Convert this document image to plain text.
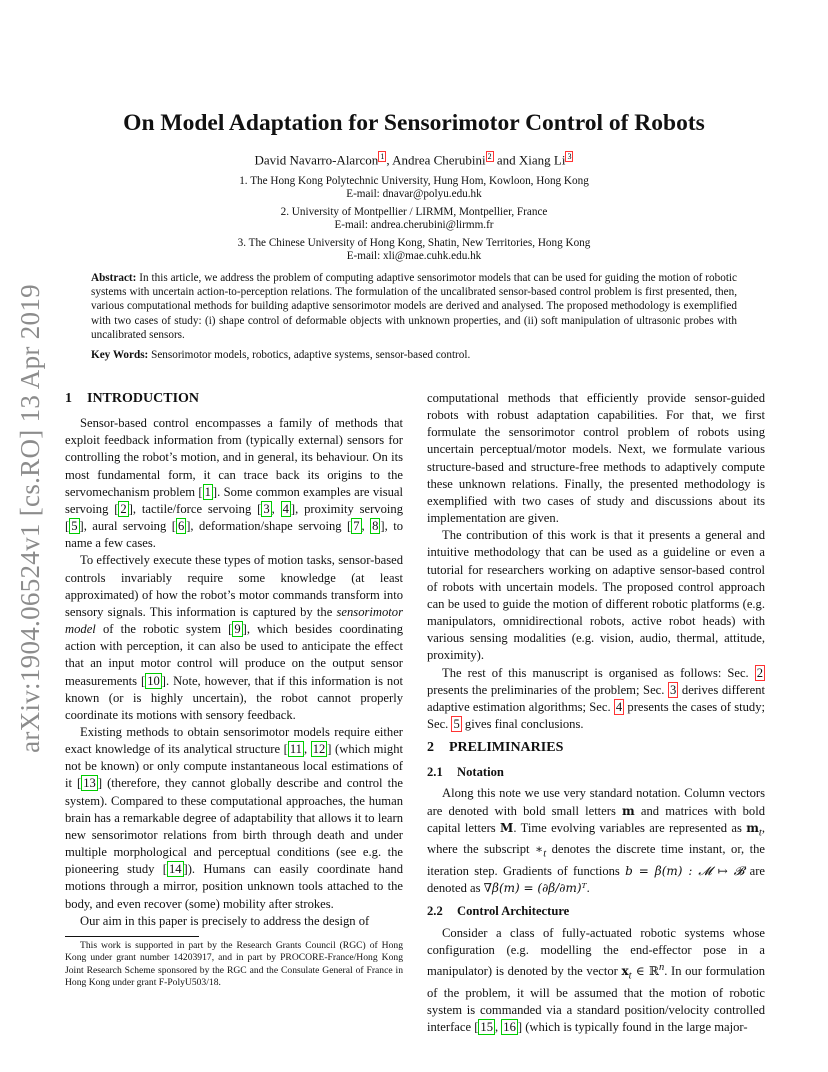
arXiv:1904.06524v1 [cs.RO] 13 Apr 2019
On Model Adaptation for Sensorimotor Control of Robots
David Navarro-Alarcon $^1$ , Andrea Cherubini $^2$ and Xiang Li $^3$
1. The Hong Kong Polytechnic University, Hung Hom, Kowloon, Hong Kong
E-mail: dnavar@polyu.edu.hk
2. University of Montpellier / LIRMM, Montpellier, France
E-mail: andrea.cherubini@lirmm.fr
3. The Chinese University of Hong Kong, Shatin, New Territories, Hong Kong
E-mail: xli@mae.cuhk.edu.hk

Abstract: In this article, we address the problem of computing adaptive sensorimotor models that can be used for guiding the motion of robotic systems with uncertain action-to-perception relations. The formulation of the uncalibrated sensor-based control problem is first presented, then, various computational methods for building adaptive sensorimotor models are derived and analysed. The proposed methodology is exemplified with two cases of study: (i) shape control of deformable objects with unknown properties, and (ii) soft manipulation of ultrasonic probes with uncalibrated sensors.

Key Words: Sensorimotor models, robotics, adaptive systems, sensor-based control.

1 INTRODUCTION

Sensor-based control encompasses a family of methods that exploit feedback information from (typically external) sensors for controlling the robot’s motion, and in general, its behaviour. On its most fundamental form, it can trace back its origins to the servomechanism problem [ 1 ]. Some common examples are visual servoing [ 2 ], tactile/force servoing [ 3 , 4 ], proximity servoing [ 5 ], aural servoing [ 6 ], deformation/shape servoing [ 7 , 8 ], to name a few cases.

To effectively execute these types of motion tasks, sensor-based controls invariably require some knowledge (at least approximated) of how the robot’s motor commands transform into sensory signals. This information is captured by the sensorimotor model of the robotic system [ 9 ], which besides coordinating action with perception, it can also be used to anticipate the effect that an input motor control will produce on the output sensor measurements [ 10 ]. Note, however, that if this information is not known (or is highly uncertain), the robot cannot properly coordinate its motions with sensory feedback.

Existing methods to obtain sensorimotor models require either exact knowledge of its analytical structure [ 11 , 12 ] (which might not be known) or only compute instantaneous local estimations of it [ 13 ] (therefore, they cannot globally describe and control the system). Compared to these computational approaches, the human brain has a remarkable degree of adaptability that allows it to learn new sensorimotor relations from birth through death and under multiple morphological and perceptual conditions (see e.g. the pioneering study [ 14 ]). Humans can easily coordinate hand motions through a mirror, position unknown tools attached to the body, and even recover (some) mobility after strokes.

Our aim in this paper is precisely to address the design of

computational methods that efficiently provide sensor-guided robots with robust adaptation capabilities. For that, we first formulate the sensorimotor control problem of robots using uncertain perceptual/motor models. Next, we formulate various structure-based and structure-free methods to adaptively compute these unknown relations. Finally, the presented methodology is exemplified with two cases of study and discussions about its implementation are given.

The contribution of this work is that it presents a general and intuitive methodology that can be used as a guideline or even a tutorial for researchers working on adaptive sensor-based control of robots with uncertain models. The proposed control approach can be used to guide the motion of different robotic platforms (e.g. manipulators, omnidirectional robots, active robot heads) with various sensing modalities (e.g. vision, audio, thermal, attitude, proximity).

The rest of this manuscript is organised as follows: Sec. 2 presents the preliminaries of the problem; Sec. 3 derives different adaptive estimation algorithms; Sec. 4 presents the cases of study; Sec. 5 gives final conclusions.

2 PRELIMINARIES
2.1 Notation

Along this note we use very standard notation. Column vectors are denoted with bold small letters m and matrices with bold capital letters M. Time evolving variables are represented as $m_t$, where the subscript $∗_t$ denotes the discrete time instant, or, the iteration step. Gradients of functions b = β(m) : 𝓜 ↦ 𝓑 are denoted as ∇β(m) = (∂β/∂m)ᵀ.

2.2 Control Architecture

Consider a class of fully-actuated robotic systems whose configuration (e.g. modelling the end-effector pose in a manipulator) is denoted by the vector $x_t$ ∈ ℝ$^n$. In our formulation of the problem, it will be assumed that the motion of robotic system is commanded via a standard position/velocity controlled interface [ 15 , 16 ] (which is typically found in the large major-

This work is supported in part by the Research Grants Council (RGC) of Hong Kong under grant number 14203917, and in part by PROCORE-France/Hong Kong Joint Research Scheme sponsored by the RGC and the Consulate General of France in Hong Kong under grant F-PolyU503/18.
